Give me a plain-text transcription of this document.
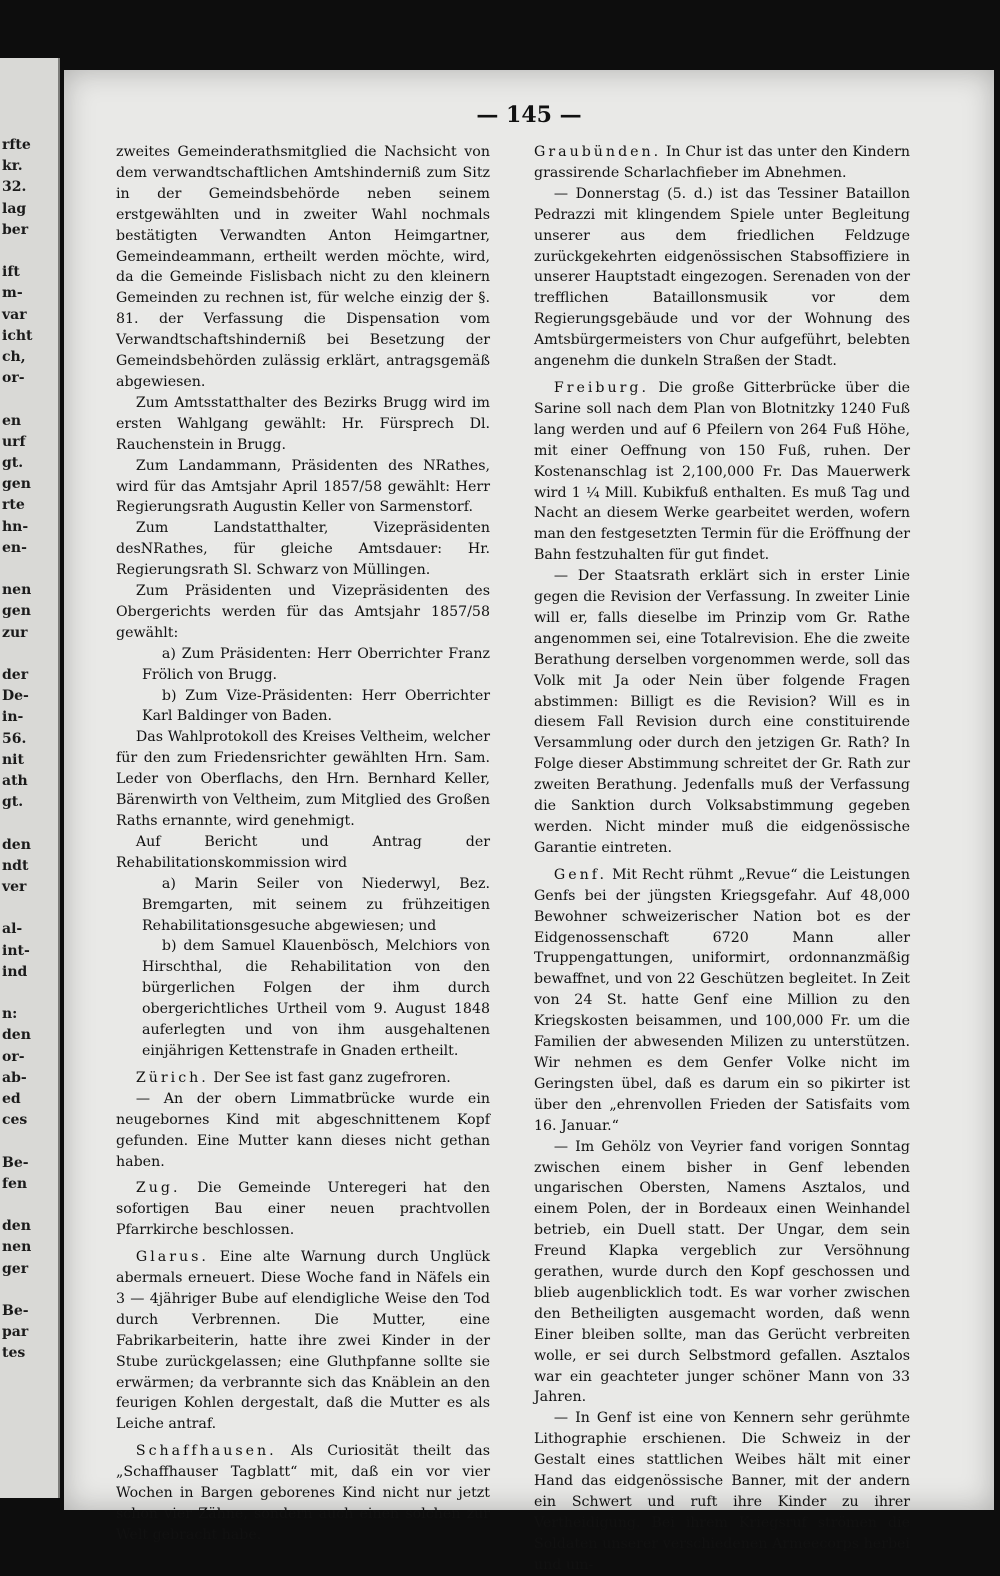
rfte
kr.
32.
lag
ber
ift
m-
var
icht
ch,
or-
en
urf
gt.
gen
rte
hn-
en-
nen
gen
zur
der
De-
in-
56.
nit
ath
gt.
den
ndt
ver
al-
int-
ind
n:
den
or-
ab-
ed
ces
Be-
fen
den
nen
ger
Be-
par
tes
— 145 —

zweites Gemeinderathsmitglied die Nachsicht von dem verwandtschaftlichen Amtshinderniß zum Sitz in der Gemeindsbehörde neben seinem erstgewählten und in zweiter Wahl nochmals bestätigten Verwandten Anton Heimgartner, Gemeindeammann, ertheilt werden möchte, wird, da die Gemeinde Fislisbach nicht zu den kleinern Gemeinden zu rechnen ist, für welche einzig der §. 81. der Verfassung die Dispensation vom Verwandtschaftshinderniß bei Besetzung der Gemeindsbehörden zulässig erklärt, antragsgemäß abgewiesen.

Zum Amtsstatthalter des Bezirks Brugg wird im ersten Wahlgang gewählt: Hr. Fürsprech Dl. Rauchenstein in Brugg.

Zum Landammann, Präsidenten des NRathes, wird für das Amtsjahr April 1857/58 gewählt: Herr Regierungsrath Augustin Keller von Sarmenstorf.

Zum Landstatthalter, Vizepräsidenten desNRathes, für gleiche Amtsdauer: Hr. Regierungsrath Sl. Schwarz von Müllingen.

Zum Präsidenten und Vizepräsidenten des Obergerichts werden für das Amtsjahr 1857/58 gewählt:

a) Zum Präsidenten: Herr Oberrichter Franz Frölich von Brugg.

b) Zum Vize-Präsidenten: Herr Oberrichter Karl Baldinger von Baden.

Das Wahlprotokoll des Kreises Veltheim, welcher für den zum Friedensrichter gewählten Hrn. Sam. Leder von Oberflachs, den Hrn. Bernhard Keller, Bärenwirth von Veltheim, zum Mitglied des Großen Raths ernannte, wird genehmigt.

Auf Bericht und Antrag der Rehabilitationskommission wird

a) Marin Seiler von Niederwyl, Bez. Bremgarten, mit seinem zu frühzeitigen Rehabilitationsgesuche abgewiesen; und

b) dem Samuel Klauenbösch, Melchiors von Hirschthal, die Rehabilitation von den bürgerlichen Folgen der ihm durch obergerichtliches Urtheil vom 9. August 1848 auferlegten und von ihm ausgehaltenen einjährigen Kettenstrafe in Gnaden ertheilt.

Zürich. Der See ist fast ganz zugefroren.

— An der obern Limmatbrücke wurde ein neugebornes Kind mit abgeschnittenem Kopf gefunden. Eine Mutter kann dieses nicht gethan haben.

Zug. Die Gemeinde Unteregeri hat den sofortigen Bau einer neuen prachtvollen Pfarrkirche beschlossen.

Glarus. Eine alte Warnung durch Unglück abermals erneuert. Diese Woche fand in Näfels ein 3 — 4jähriger Bube auf elendigliche Weise den Tod durch Verbrennen. Die Mutter, eine Fabrikarbeiterin, hatte ihre zwei Kinder in der Stube zurückgelassen; eine Gluthpfanne sollte sie erwärmen; da verbrannte sich das Knäblein an den feurigen Kohlen dergestalt, daß die Mutter es als Leiche antraf.

Schaffhausen. Als Curiosität theilt das „Schaffhauser Tagblatt“ mit, daß ein vor vier Wochen in Bargen geborenes Kind nicht nur jetzt schon vier Zähne, sondern auch einen solchen zur Welt gebracht habe.

Graubünden. In Chur ist das unter den Kindern grassirende Scharlachfieber im Abnehmen.

— Donnerstag (5. d.) ist das Tessiner Bataillon Pedrazzi mit klingendem Spiele unter Begleitung unserer aus dem friedlichen Feldzuge zurückgekehrten eidgenössischen Stabsoffiziere in unserer Hauptstadt eingezogen. Serenaden von der trefflichen Bataillonsmusik vor dem Regierungsgebäude und vor der Wohnung des Amtsbürgermeisters von Chur aufgeführt, belebten angenehm die dunkeln Straßen der Stadt.

Freiburg. Die große Gitterbrücke über die Sarine soll nach dem Plan von Blotnitzky 1240 Fuß lang werden und auf 6 Pfeilern von 264 Fuß Höhe, mit einer Oeffnung von 150 Fuß, ruhen. Der Kostenanschlag ist 2,100,000 Fr. Das Mauerwerk wird 1 ¼ Mill. Kubikfuß enthalten. Es muß Tag und Nacht an diesem Werke gearbeitet werden, wofern man den festgesetzten Termin für die Eröffnung der Bahn festzuhalten für gut findet.

— Der Staatsrath erklärt sich in erster Linie gegen die Revision der Verfassung. In zweiter Linie will er, falls dieselbe im Prinzip vom Gr. Rathe angenommen sei, eine Totalrevision. Ehe die zweite Berathung derselben vorgenommen werde, soll das Volk mit Ja oder Nein über folgende Fragen abstimmen: Billigt es die Revision? Will es in diesem Fall Revision durch eine constituirende Versammlung oder durch den jetzigen Gr. Rath? In Folge dieser Abstimmung schreitet der Gr. Rath zur zweiten Berathung. Jedenfalls muß der Verfassung die Sanktion durch Volksabstimmung gegeben werden. Nicht minder muß die eidgenössische Garantie eintreten.

Genf. Mit Recht rühmt „Revue“ die Leistungen Genfs bei der jüngsten Kriegsgefahr. Auf 48,000 Bewohner schweizerischer Nation bot es der Eidgenossenschaft 6720 Mann aller Truppengattungen, uniformirt, ordonnanzmäßig bewaffnet, und von 22 Geschützen begleitet. In Zeit von 24 St. hatte Genf eine Million zu den Kriegskosten beisammen, und 100,000 Fr. um die Familien der abwesenden Milizen zu unterstützen. Wir nehmen es dem Genfer Volke nicht im Geringsten übel, daß es darum ein so pikirter ist über den „ehrenvollen Frieden der Satisfaits vom 16. Januar.“

— Im Gehölz von Veyrier fand vorigen Sonntag zwischen einem bisher in Genf lebenden ungarischen Obersten, Namens Asztalos, und einem Polen, der in Bordeaux einen Weinhandel betrieb, ein Duell statt. Der Ungar, dem sein Freund Klapka vergeblich zur Versöhnung gerathen, wurde durch den Kopf geschossen und blieb augenblicklich todt. Es war vorher zwischen den Betheiligten ausgemacht worden, daß wenn Einer bleiben sollte, man das Gerücht verbreiten wolle, er sei durch Selbstmord gefallen. Asztalos war ein geachteter junger schöner Mann von 33 Jahren.

— In Genf ist eine von Kennern sehr gerühmte Lithographie erschienen. Die Schweiz in der Gestalt eines stattlichen Weibes hält mit einer Hand das eidgenössische Banner, mit der andern ein Schwert und ruft ihre Kinder zu ihrer Vertheidigung. Bei ihrem Kriegsruf strömen die Soldaten unserer verschiedenen Armeecorps herbei und um-
